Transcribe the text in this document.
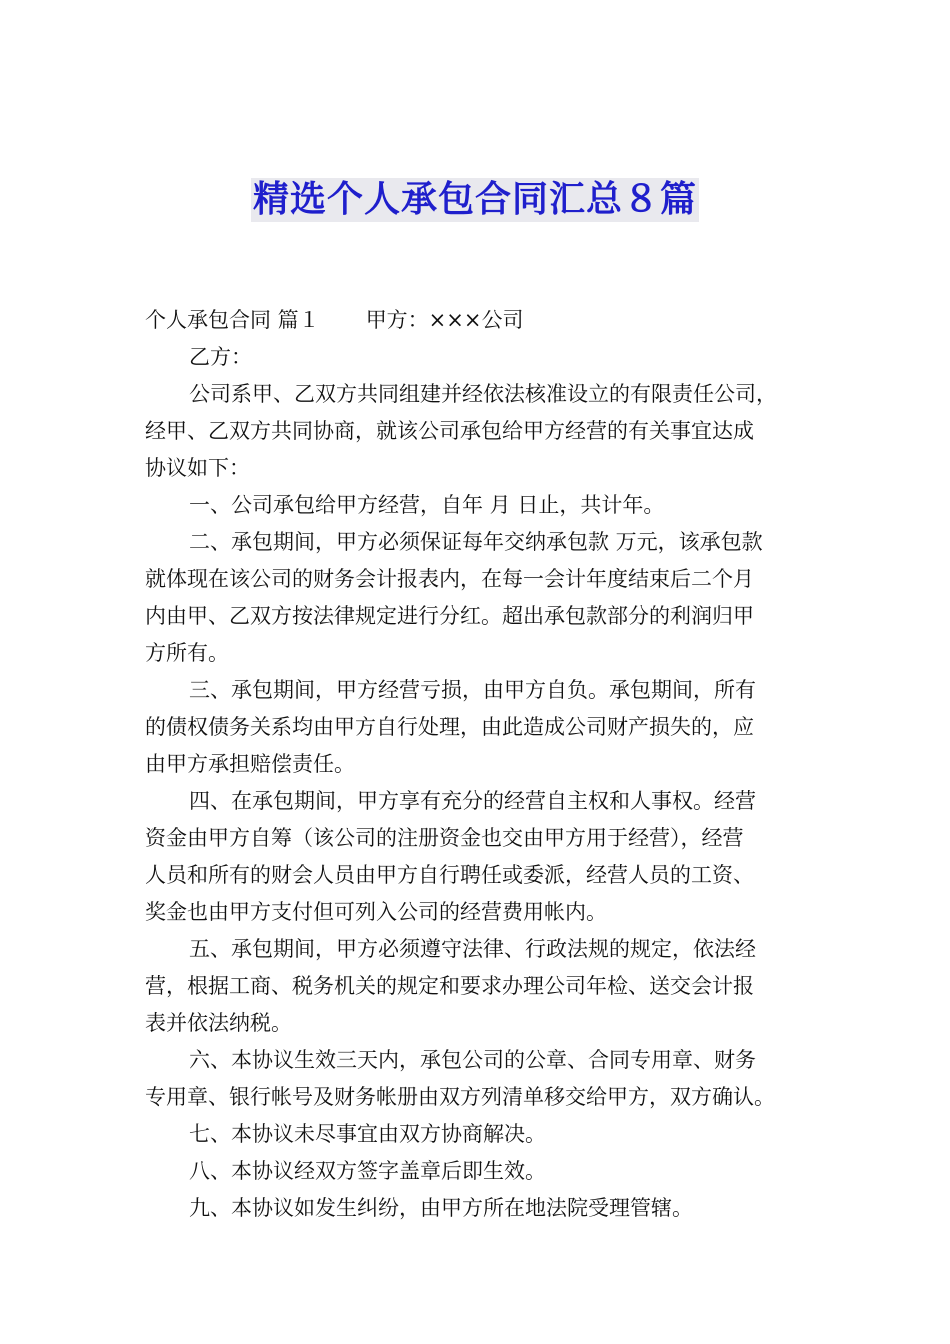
精选个人承包合同汇总８篇
个人承包合同 篇１ 甲方：×××公司
乙方：
公司系甲、乙双方共同组建并经依法核准设立的有限责任公司，
经甲、乙双方共同协商，就该公司承包给甲方经营的有关事宜达成
协议如下：
一、公司承包给甲方经营，自年 月 日止，共计年。
二、承包期间，甲方必须保证每年交纳承包款 万元，该承包款
就体现在该公司的财务会计报表内，在每一会计年度结束后二个月
内由甲、乙双方按法律规定进行分红。超出承包款部分的利润归甲
方所有。
三、承包期间，甲方经营亏损，由甲方自负。承包期间，所有
的债权债务关系均由甲方自行处理，由此造成公司财产损失的，应
由甲方承担赔偿责任。
四、在承包期间，甲方享有充分的经营自主权和人事权。经营
资金由甲方自筹（该公司的注册资金也交由甲方用于经营），经营
人员和所有的财会人员由甲方自行聘任或委派，经营人员的工资、
奖金也由甲方支付但可列入公司的经营费用帐内。
五、承包期间，甲方必须遵守法律、行政法规的规定，依法经
营，根据工商、税务机关的规定和要求办理公司年检、送交会计报
表并依法纳税。
六、本协议生效三天内，承包公司的公章、合同专用章、财务
专用章、银行帐号及财务帐册由双方列清单移交给甲方，双方确认。
七、本协议未尽事宜由双方协商解决。
八、本协议经双方签字盖章后即生效。
九、本协议如发生纠纷，由甲方所在地法院受理管辖。
